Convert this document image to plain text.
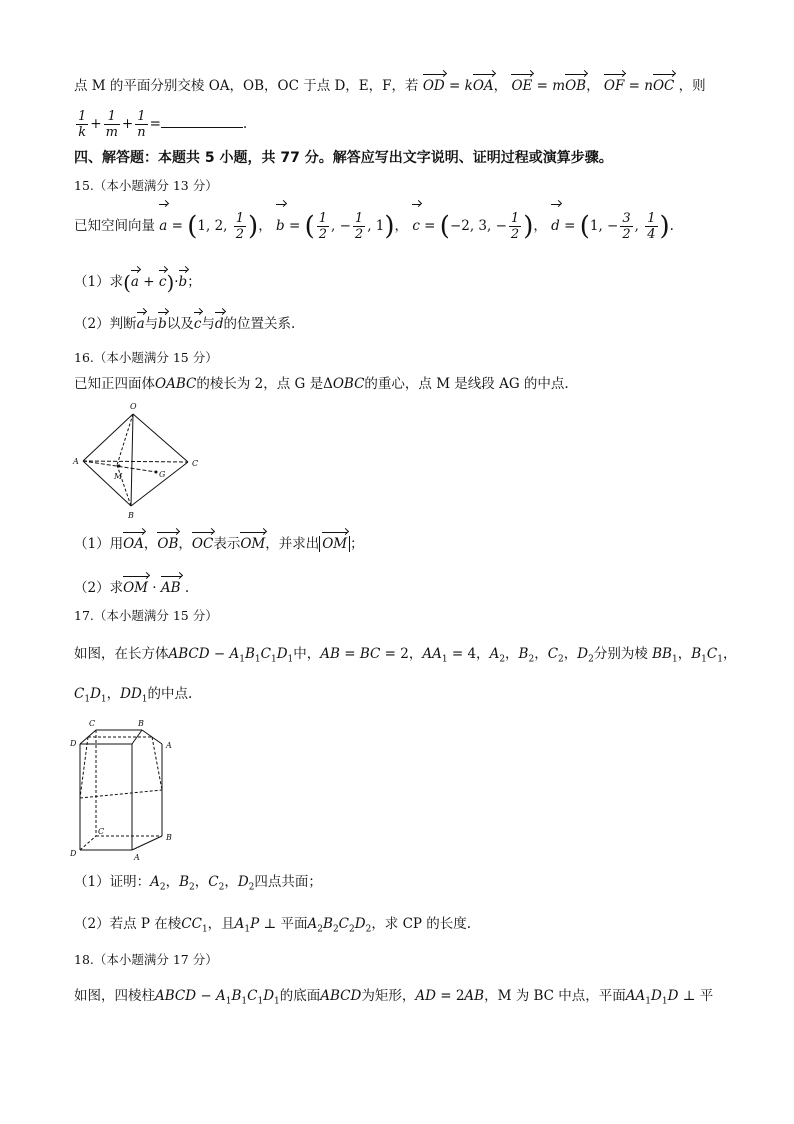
点 M 的平面分别交棱 OA，OB，OC 于点 D，E，F，若 OD = kOA， OE = mOB， OF = nOC ，则
$\frac{1}{k} + \frac{1}{m} + \frac{1}{n}$ =	.
四、解答题：本题共 5 小题，共 77 分。解答应写出文字说明、证明过程或演算步骤。
15.（本小题满分 13 分）
已知空间向量 a = (1, 2, $\frac{1}{2}$ )， b = ( $\frac{1}{2}$ , − $\frac{1}{2}$ , 1)， c = (−2, 3, − $\frac{1}{2}$ )， d = (1, − $\frac{3}{2}$ , $\frac{1}{4}$ ).
（1）求(a + c)·b；
（2）判断a与b以及c与d的位置关系.
16.（本小题满分 15 分）
已知正四面体OABC的棱长为 2，点 G 是ΔOBC的重心，点 M 是线段 AG 的中点.
O
A	C
B
M	G
（1）用OA，OB，OC表示OM，并求出 OM ；
（2）求OM · AB .
17.（本小题满分 15 分）
如图，在长方体ABCD − $A_1B_1C_1D_1$中，AB = BC = 2，$AA_1 = 4$，$A_2$，$B_2$，$C_2$，$D_2$分别为棱 $BB_1$，$B_1C_1$，
$C_1D_1$，$DD_1$的中点.
C	B
D	A
C
B
D	A
（1）证明：$A_2$，$B_2$，$C_2$，$D_2$四点共面；
（2）若点 P 在棱$CC_1$，且$A_1P$ ⊥ 平面$A_2B_2C_2D_2$，求 CP 的长度.
18.（本小题满分 17 分）
如图，四棱柱ABCD − $A_1B_1C_1D_1$的底面ABCD为矩形，AD = 2AB，M 为 BC 中点，平面$AA_1D_1D$ ⊥ 平
